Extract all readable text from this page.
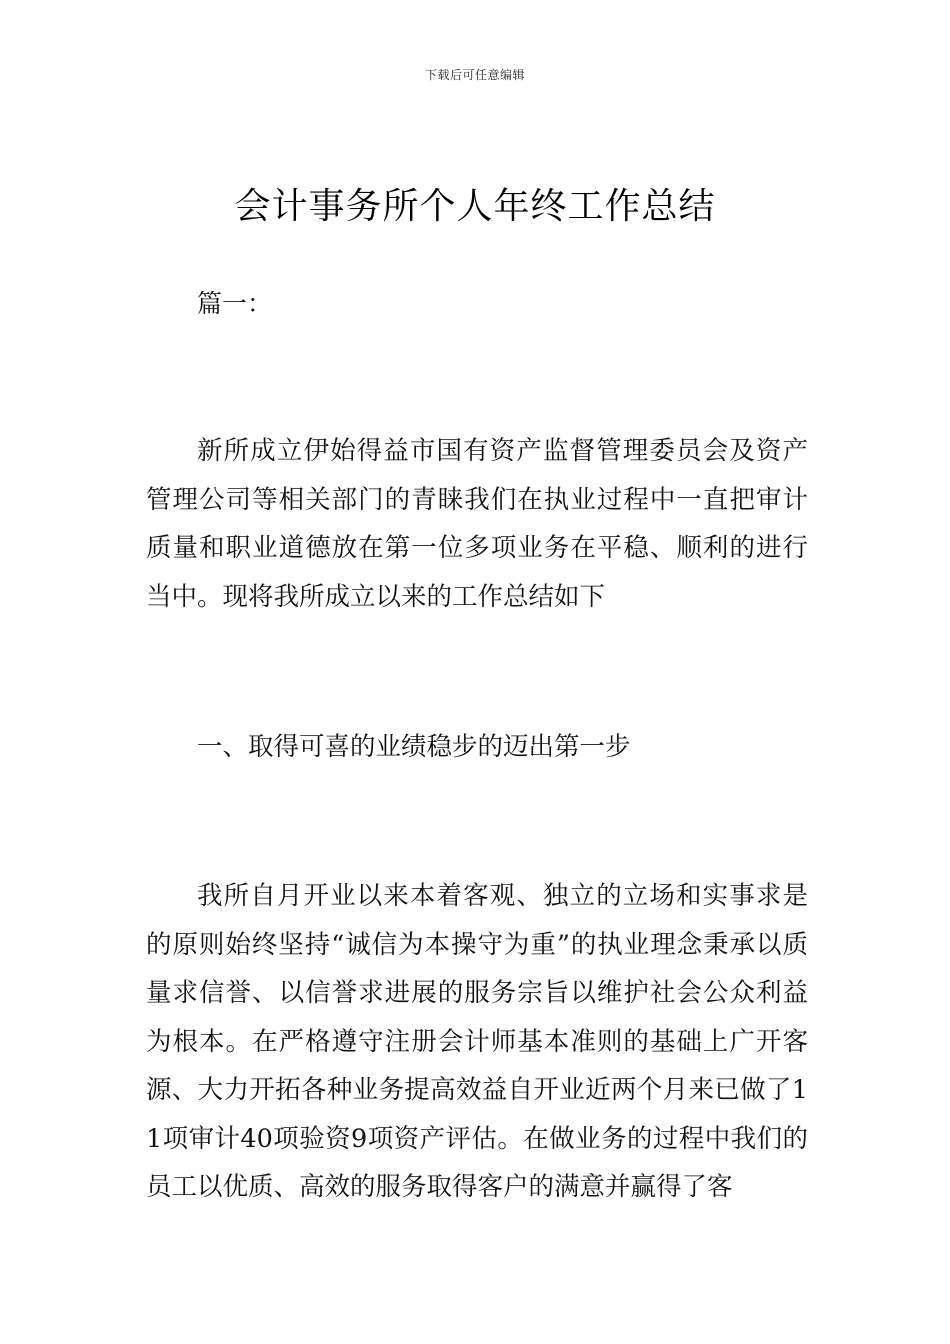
下载后可任意编辑
会计事务所个人年终工作总结

篇一：

新所成立伊始得益市国有资产监督管理委员会及资产管理公司等相关部门的青睐我们在执业过程中一直把审计质量和职业道德放在第一位多项业务在平稳、顺利的进行当中。现将我所成立以来的工作总结如下

一、取得可喜的业绩稳步的迈出第一步

我所自月开业以来本着客观、独立的立场和实事求是的原则始终坚持“诚信为本操守为重”的执业理念秉承以质量求信誉、以信誉求进展的服务宗旨以维护社会公众利益为根本。在严格遵守注册会计师基本准则的基础上广开客源、大力开拓各种业务提高效益自开业近两个月来已做了11项审计40项验资9项资产评估。在做业务的过程中我们的员工以优质、高效的服务取得客户的满意并赢得了客
